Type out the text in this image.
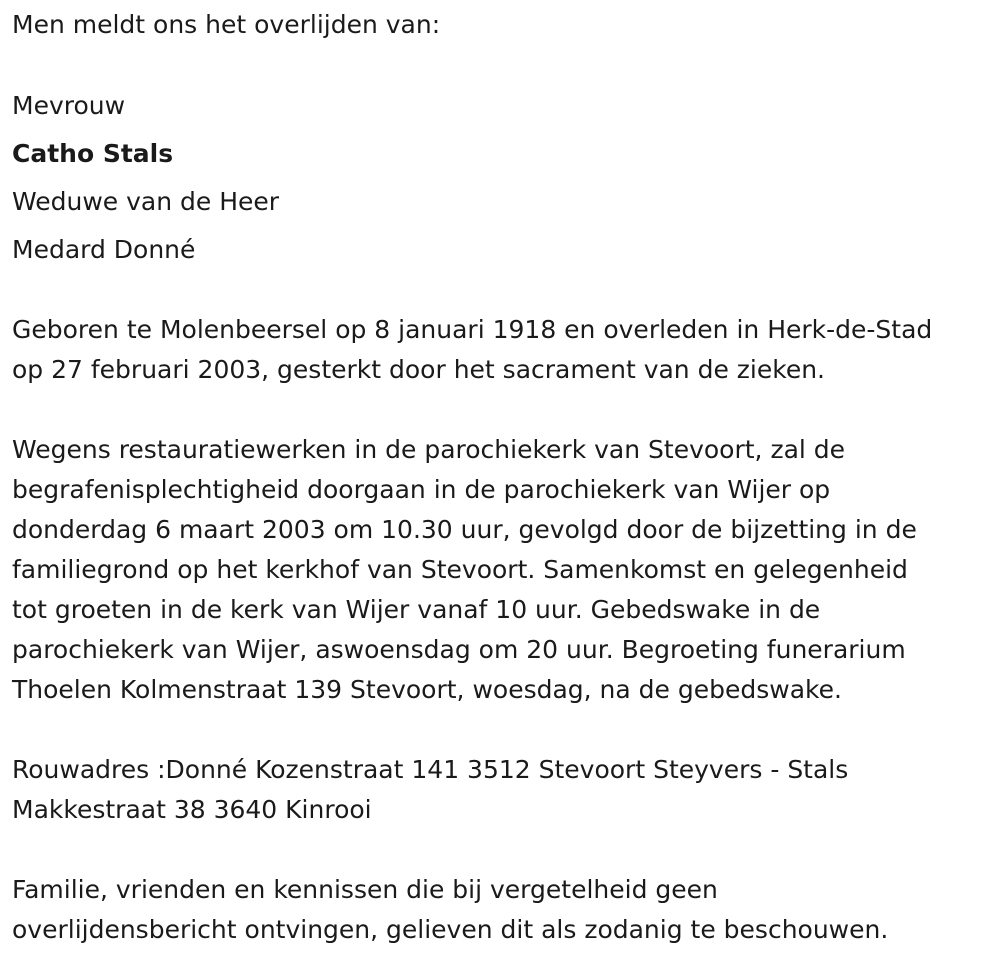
Men meldt ons het overlijden van:
Mevrouw
Catho Stals
Weduwe van de Heer
Medard Donné
Geboren te Molenbeersel op 8 januari 1918 en overleden in Herk-de-Stad
op 27 februari 2003, gesterkt door het sacrament van de zieken.
Wegens restauratiewerken in de parochiekerk van Stevoort, zal de
begrafenisplechtigheid doorgaan in de parochiekerk van Wijer op
donderdag 6 maart 2003 om 10.30 uur, gevolgd door de bijzetting in de
familiegrond op het kerkhof van Stevoort. Samenkomst en gelegenheid
tot groeten in de kerk van Wijer vanaf 10 uur. Gebedswake in de
parochiekerk van Wijer, aswoensdag om 20 uur. Begroeting funerarium
Thoelen Kolmenstraat 139 Stevoort, woesdag, na de gebedswake.
Rouwadres :Donné Kozenstraat 141 3512 Stevoort Steyvers - Stals
Makkestraat 38 3640 Kinrooi
Familie, vrienden en kennissen die bij vergetelheid geen
overlijdensbericht ontvingen, gelieven dit als zodanig te beschouwen.
